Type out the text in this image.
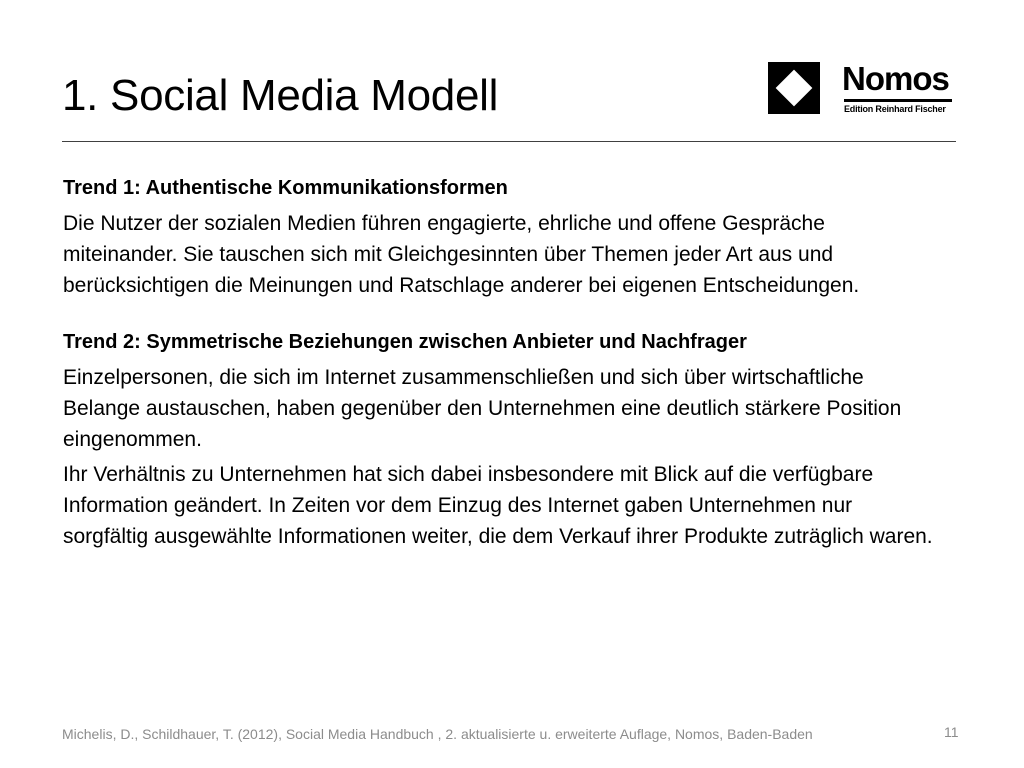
1. Social Media Modell	Nomos
Edition Reinhard Fischer

Trend 1: Authentische Kommunikationsformen

Die Nutzer der sozialen Medien führen engagierte, ehrliche und offene Gespräche miteinander. Sie tauschen sich mit Gleichgesinnten über Themen jeder Art aus und berücksichtigen die Meinungen und Ratschlage anderer bei eigenen Entscheidungen.

Trend 2: Symmetrische Beziehungen zwischen Anbieter und Nachfrager

Einzelpersonen, die sich im Internet zusammenschließen und sich über wirtschaftliche Belange austauschen, haben gegenüber den Unternehmen eine deutlich stärkere Position eingenommen.

Ihr Verhältnis zu Unternehmen hat sich dabei insbesondere mit Blick auf die verfügbare Information geändert. In Zeiten vor dem Einzug des Internet gaben Unternehmen nur sorgfältig ausgewählte Informationen weiter, die dem Verkauf ihrer Produkte zuträglich waren.

Michelis, D., Schildhauer, T. (2012), Social Media Handbuch , 2. aktualisierte u. erweiterte Auflage, Nomos, Baden-Baden	11
